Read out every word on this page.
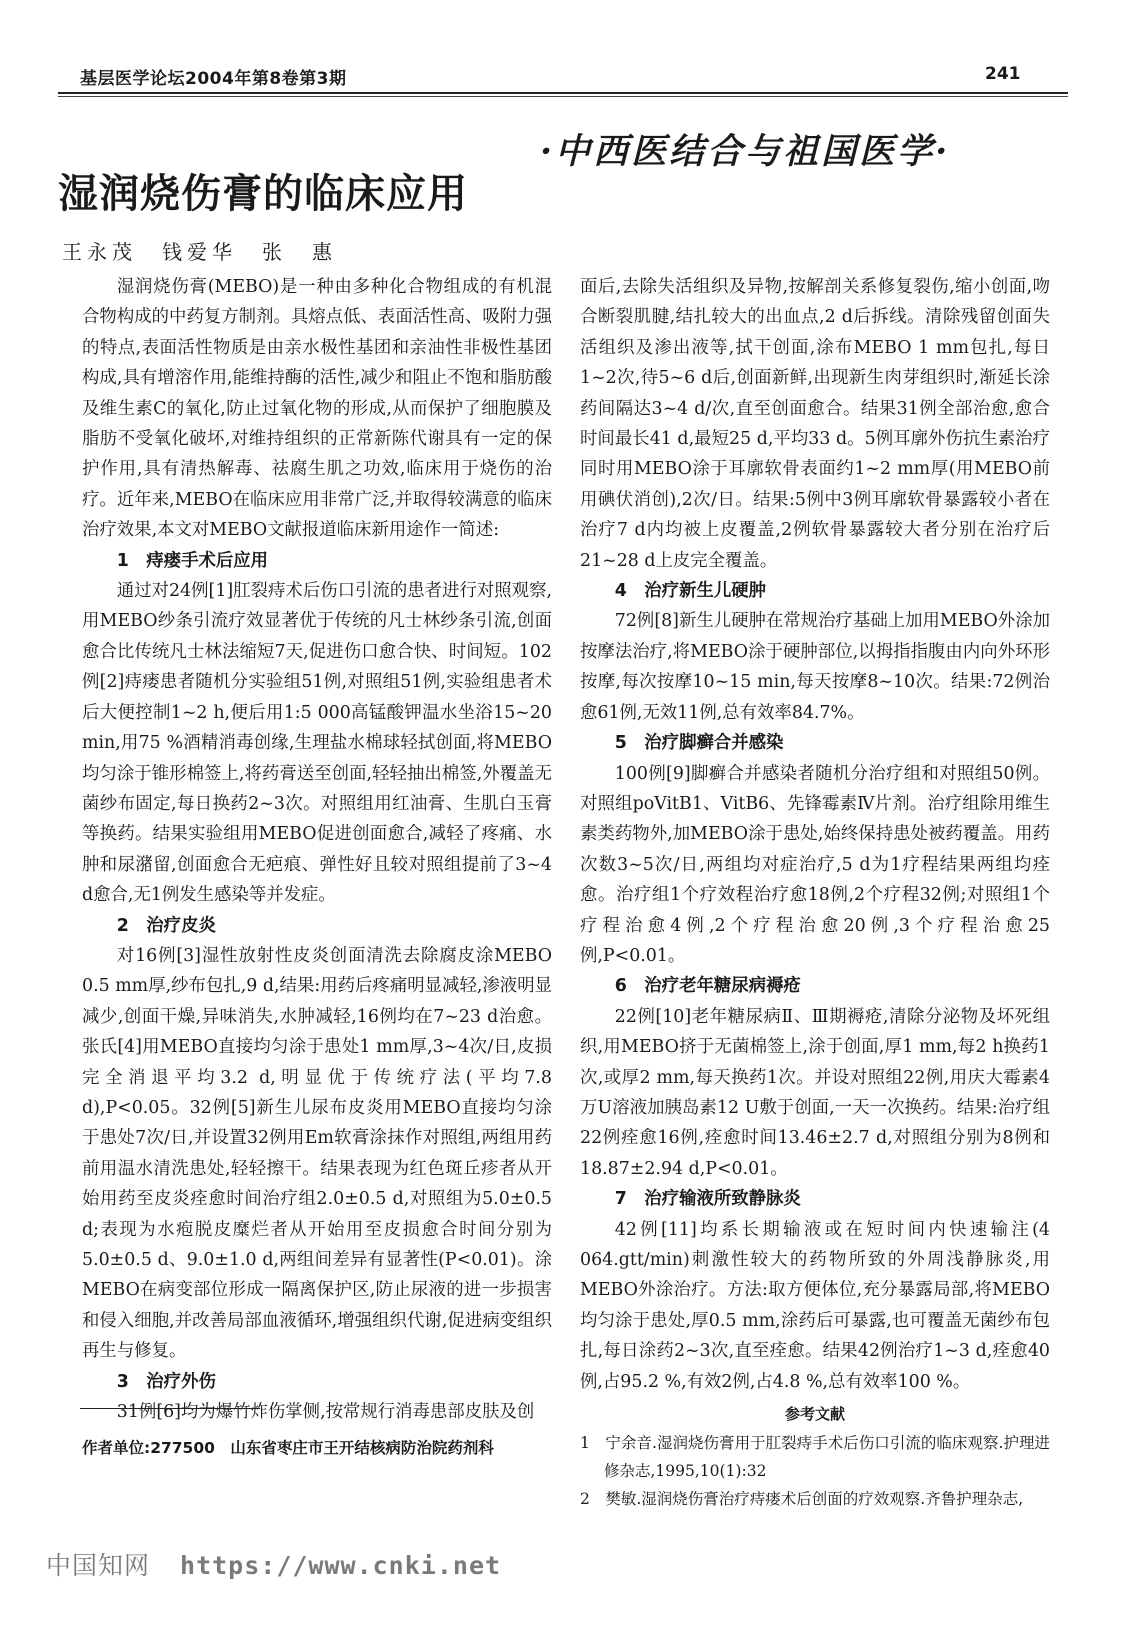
基层医学论坛2004年第8卷第3期	241
·中西医结合与祖国医学·
湿润烧伤膏的临床应用
王永茂　钱爱华　张　惠

湿润烧伤膏(MEBO)是一种由多种化合物组成的有机混合物构成的中药复方制剂。具熔点低、表面活性高、吸附力强的特点,表面活性物质是由亲水极性基团和亲油性非极性基团构成,具有增溶作用,能维持酶的活性,减少和阻止不饱和脂肪酸及维生素C的氧化,防止过氧化物的形成,从而保护了细胞膜及脂肪不受氧化破坏,对维持组织的正常新陈代谢具有一定的保护作用,具有清热解毒、祛腐生肌之功效,临床用于烧伤的治疗。近年来,MEBO在临床应用非常广泛,并取得较满意的临床治疗效果,本文对MEBO文献报道临床新用途作一简述:

1　痔瘘手术后应用

通过对24例[1]肛裂痔术后伤口引流的患者进行对照观察,用MEBO纱条引流疗效显著优于传统的凡士林纱条引流,创面愈合比传统凡士林法缩短7天,促进伤口愈合快、时间短。102例[2]痔瘘患者随机分实验组51例,对照组51例,实验组患者术后大便控制1~2 h,便后用1:5 000高锰酸钾温水坐浴15~20 min,用75 %酒精消毒创缘,生理盐水棉球轻拭创面,将MEBO均匀涂于锥形棉签上,将药膏送至创面,轻轻抽出棉签,外覆盖无菌纱布固定,每日换药2~3次。对照组用红油膏、生肌白玉膏等换药。结果实验组用MEBO促进创面愈合,减轻了疼痛、水肿和尿潴留,创面愈合无疤痕、弹性好且较对照组提前了3~4 d愈合,无1例发生感染等并发症。

2　治疗皮炎

对16例[3]湿性放射性皮炎创面清洗去除腐皮涂MEBO 0.5 mm厚,纱布包扎,9 d,结果:用药后疼痛明显减轻,渗液明显减少,创面干燥,异味消失,水肿减轻,16例均在7~23 d治愈。张氏[4]用MEBO直接均匀涂于患处1 mm厚,3~4次/日,皮损完全消退平均3.2 d,明显优于传统疗法(平均7.8 d),P<0.05。32例[5]新生儿尿布皮炎用MEBO直接均匀涂于患处7次/日,并设置32例用Em软膏涂抹作对照组,两组用药前用温水清洗患处,轻轻擦干。结果表现为红色斑丘疹者从开始用药至皮炎痊愈时间治疗组2.0±0.5 d,对照组为5.0±0.5 d;表现为水疱脱皮糜烂者从开始用至皮损愈合时间分别为5.0±0.5 d、9.0±1.0 d,两组间差异有显著性(P<0.01)。涂MEBO在病变部位形成一隔离保护区,防止尿液的进一步损害和侵入细胞,并改善局部血液循环,增强组织代谢,促进病变组织再生与修复。

3　治疗外伤

31例[6]均为爆竹炸伤掌侧,按常规行消毒患部皮肤及创

面后,去除失活组织及异物,按解剖关系修复裂伤,缩小创面,吻合断裂肌腱,结扎较大的出血点,2 d后拆线。清除残留创面失活组织及渗出液等,拭干创面,涂布MEBO 1 mm包扎,每日1~2次,待5~6 d后,创面新鲜,出现新生肉芽组织时,渐延长涂药间隔达3~4 d/次,直至创面愈合。结果31例全部治愈,愈合时间最长41 d,最短25 d,平均33 d。5例耳廓外伤抗生素治疗同时用MEBO涂于耳廓软骨表面约1~2 mm厚(用MEBO前用碘伏消创),2次/日。结果:5例中3例耳廓软骨暴露较小者在治疗7 d内均被上皮覆盖,2例软骨暴露较大者分别在治疗后21~28 d上皮完全覆盖。

4　治疗新生儿硬肿

72例[8]新生儿硬肿在常规治疗基础上加用MEBO外涂加按摩法治疗,将MEBO涂于硬肿部位,以拇指指腹由内向外环形按摩,每次按摩10~15 min,每天按摩8~10次。结果:72例治愈61例,无效11例,总有效率84.7%。

5　治疗脚癣合并感染

100例[9]脚癣合并感染者随机分治疗组和对照组50例。对照组poVitB1、VitB6、先锋霉素Ⅳ片剂。治疗组除用维生素类药物外,加MEBO涂于患处,始终保持患处被药覆盖。用药次数3~5次/日,两组均对症治疗,5 d为1疗程结果两组均痊愈。治疗组1个疗效程治疗愈18例,2个疗程32例;对照组1个疗程治愈4例,2个疗程治愈20例,3个疗程治愈25例,P<0.01。

6　治疗老年糖尿病褥疮

22例[10]老年糖尿病Ⅱ、Ⅲ期褥疮,清除分泌物及坏死组织,用MEBO挤于无菌棉签上,涂于创面,厚1 mm,每2 h换药1次,或厚2 mm,每天换药1次。并设对照组22例,用庆大霉素4万U溶液加胰岛素12 U敷于创面,一天一次换药。结果:治疗组22例痊愈16例,痊愈时间13.46±2.7 d,对照组分别为8例和18.87±2.94 d,P<0.01。

7　治疗输液所致静脉炎

42例[11]均系长期输液或在短时间内快速输注(4 064.gtt/min)刺激性较大的药物所致的外周浅静脉炎,用MEBO外涂治疗。方法:取方便体位,充分暴露局部,将MEBO均匀涂于患处,厚0.5 mm,涂药后可暴露,也可覆盖无菌纱布包扎,每日涂药2~3次,直至痊愈。结果42例治疗1~3 d,痊愈40例,占95.2 %,有效2例,占4.8 %,总有效率100 %。

参考文献
1　宁余音.湿润烧伤膏用于肛裂痔手术后伤口引流的临床观察.护理进修杂志,1995,10(1):32
2　樊敏.湿润烧伤膏治疗痔瘘术后创面的疗效观察.齐鲁护理杂志,
作者单位:277500　山东省枣庄市王开结核病防治院药剂科
中国知网 https://www.cnki.net
